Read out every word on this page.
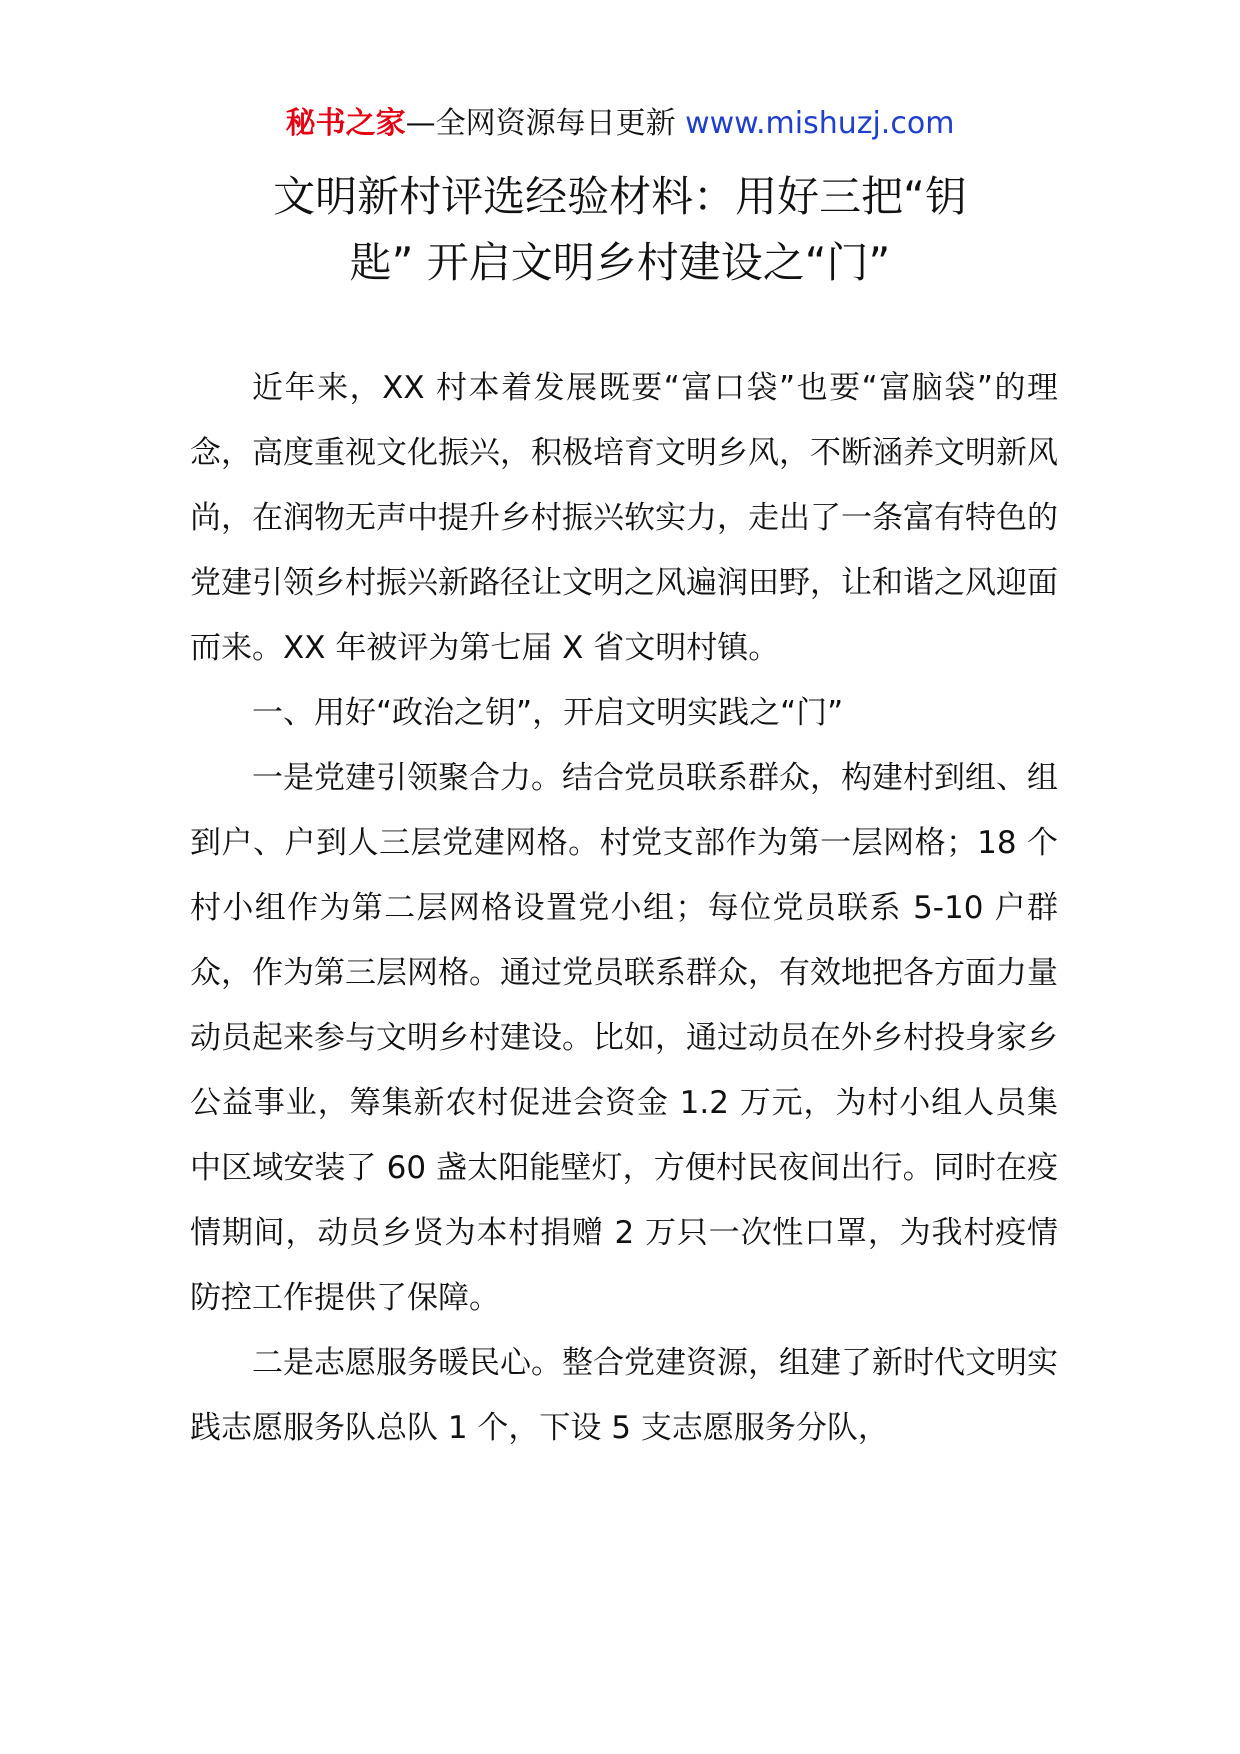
秘书之家—全网资源每日更新 www.mishuzj.com
文明新村评选经验材料：用好三把“钥
匙” 开启文明乡村建设之“门”

近年来，XX 村本着发展既要“富口袋”也要“富脑袋”的理念，高度重视文化振兴，积极培育文明乡风，不断涵养文明新风尚，在润物无声中提升乡村振兴软实力，走出了一条富有特色的党建引领乡村振兴新路径让文明之风遍润田野，让和谐之风迎面而来。XX 年被评为第七届 X 省文明村镇。

一、用好“政治之钥”，开启文明实践之“门”

一是党建引领聚合力。结合党员联系群众，构建村到组、组到户、户到人三层党建网格。村党支部作为第一层网格；18 个村小组作为第二层网格设置党小组；每位党员联系 5-10 户群众，作为第三层网格。通过党员联系群众，有效地把各方面力量动员起来参与文明乡村建设。比如，通过动员在外乡村投身家乡公益事业，筹集新农村促进会资金 1.2 万元，为村小组人员集中区域安装了 60 盏太阳能壁灯，方便村民夜间出行。同时在疫情期间，动员乡贤为本村捐赠 2 万只一次性口罩，为我村疫情防控工作提供了保障。

二是志愿服务暖民心。整合党建资源，组建了新时代文明实践志愿服务队总队 1 个，下设 5 支志愿服务分队，
